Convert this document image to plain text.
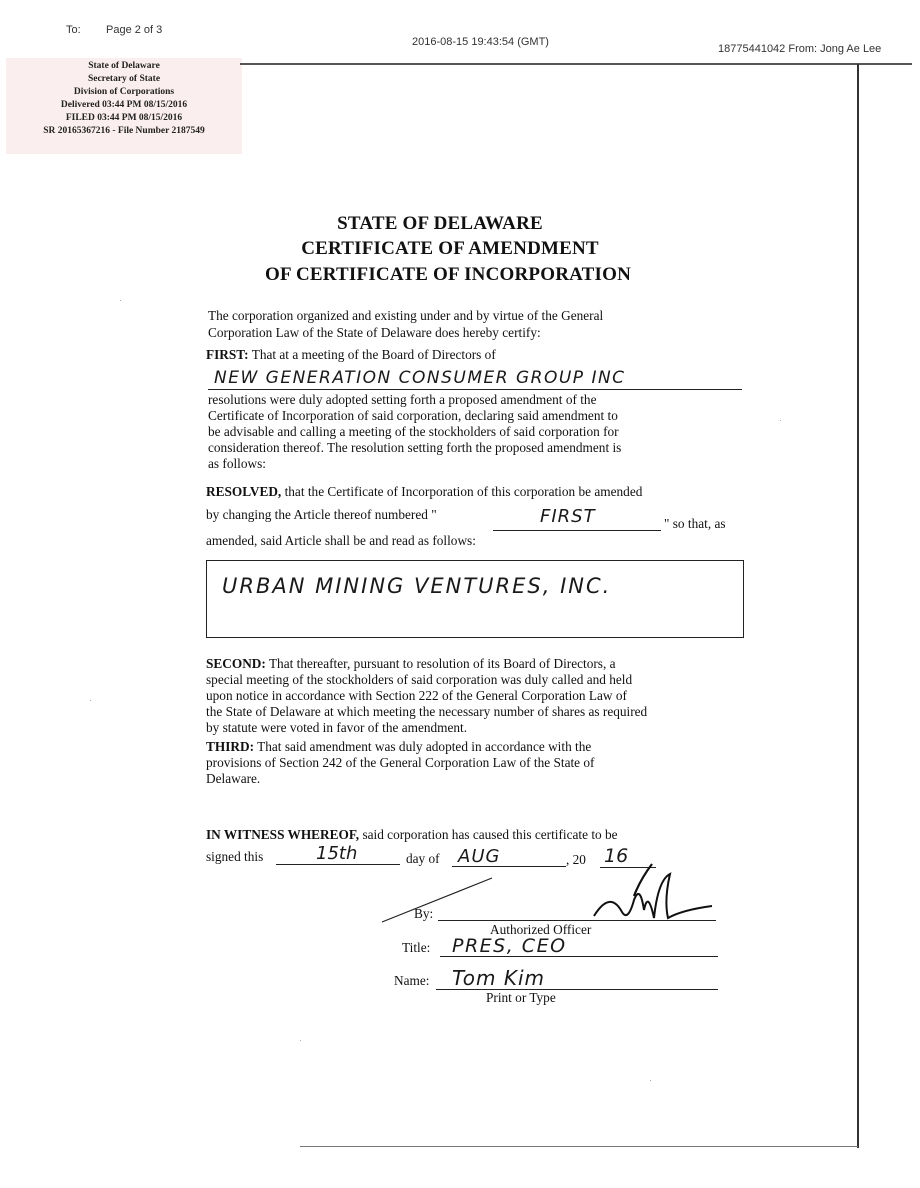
To: Page 2 of 3
2016-08-15 19:43:54 (GMT)
18775441042 From: Jong Ae Lee
State of Delaware
Secretary of State
Division of Corporations
Delivered 03:44 PM 08/15/2016
FILED 03:44 PM 08/15/2016
SR 20165367216 - File Number 2187549
STATE OF DELAWARE
CERTIFICATE OF AMENDMENT
OF CERTIFICATE OF INCORPORATION
The corporation organized and existing under and by virtue of the General
Corporation Law of the State of Delaware does hereby certify:
FIRST: That at a meeting of the Board of Directors of
NEW GENERATION CONSUMER GROUP INC
resolutions were duly adopted setting forth a proposed amendment of the
Certificate of Incorporation of said corporation, declaring said amendment to
be advisable and calling a meeting of the stockholders of said corporation for
consideration thereof. The resolution setting forth the proposed amendment is
as follows:
RESOLVED, that the Certificate of Incorporation of this corporation be amended
by changing the Article thereof numbered "	FIRST	" so that, as
amended, said Article shall be and read as follows:
URBAN MINING VENTURES, INC.
SECOND: That thereafter, pursuant to resolution of its Board of Directors, a
special meeting of the stockholders of said corporation was duly called and held
upon notice in accordance with Section 222 of the General Corporation Law of
the State of Delaware at which meeting the necessary number of shares as required
by statute were voted in favor of the amendment.
THIRD: That said amendment was duly adopted in accordance with the
provisions of Section 242 of the General Corporation Law of the State of
Delaware.
IN WITNESS WHEREOF, said corporation has caused this certificate to be
signed this	15th	day of AUG	, 20 16
By:
Authorized Officer
Title: PRES, CEO
Name: Tom Kim
Print or Type
